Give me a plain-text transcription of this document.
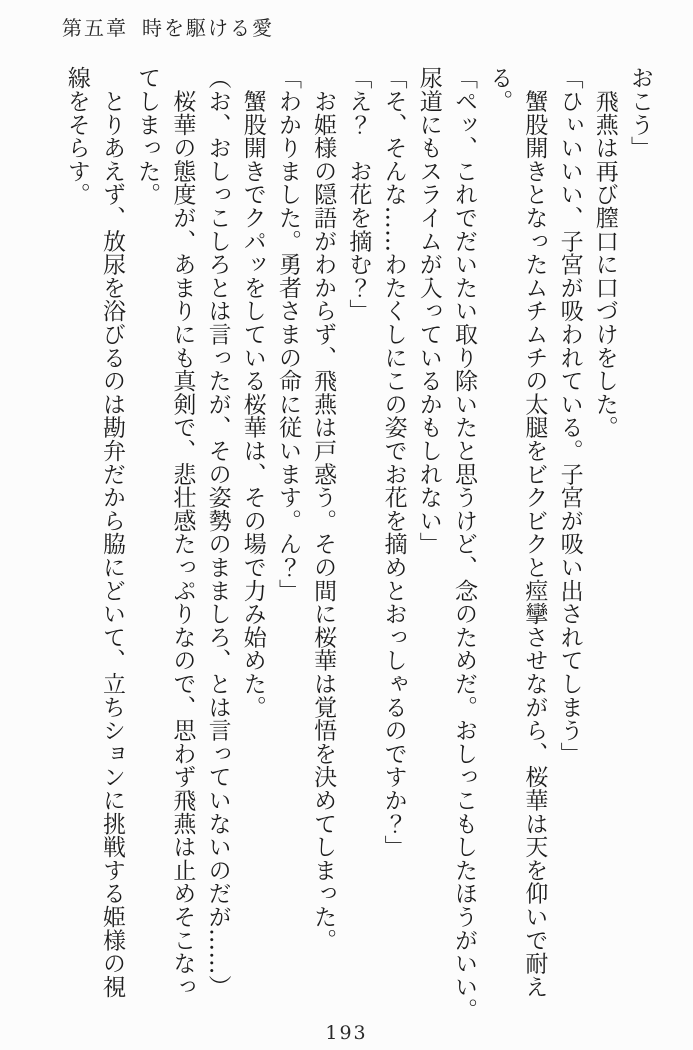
第五章 時を駆ける愛
おこう」
　飛燕は再び膣口に口づけをした。
「ひぃいいい、子宮が吸われている。子宮が吸い出されてしまう」
　蟹股開きとなったムチムチの太腿をビクビクと痙攣させながら、桜華は天を仰いで耐え
る。
「ペッ、これでだいたい取り除いたと思うけど、念のためだ。おしっこもしたほうがいい。
尿道にもスライムが入っているかもしれない」
「そ、そんな……わたくしにこの姿でお花を摘めとおっしゃるのですか？」
「え？　お花を摘む？」
　お姫様の隠語がわからず、飛燕は戸惑う。その間に桜華は覚悟を決めてしまった。
「わかりました。勇者さまの命に従います。ん？」
　蟹股開きでクパッをしている桜華は、その場で力み始めた。
（お、おしっこしろとは言ったが、その姿勢のまましろ、とは言っていないのだが……）
　桜華の態度が、あまりにも真剣で、悲壮感たっぷりなので、思わず飛燕は止めそこなっ
てしまった。
　とりあえず、放尿を浴びるのは勘弁だから脇にどいて、立ちションに挑戦する姫様の視
線をそらす。
193
